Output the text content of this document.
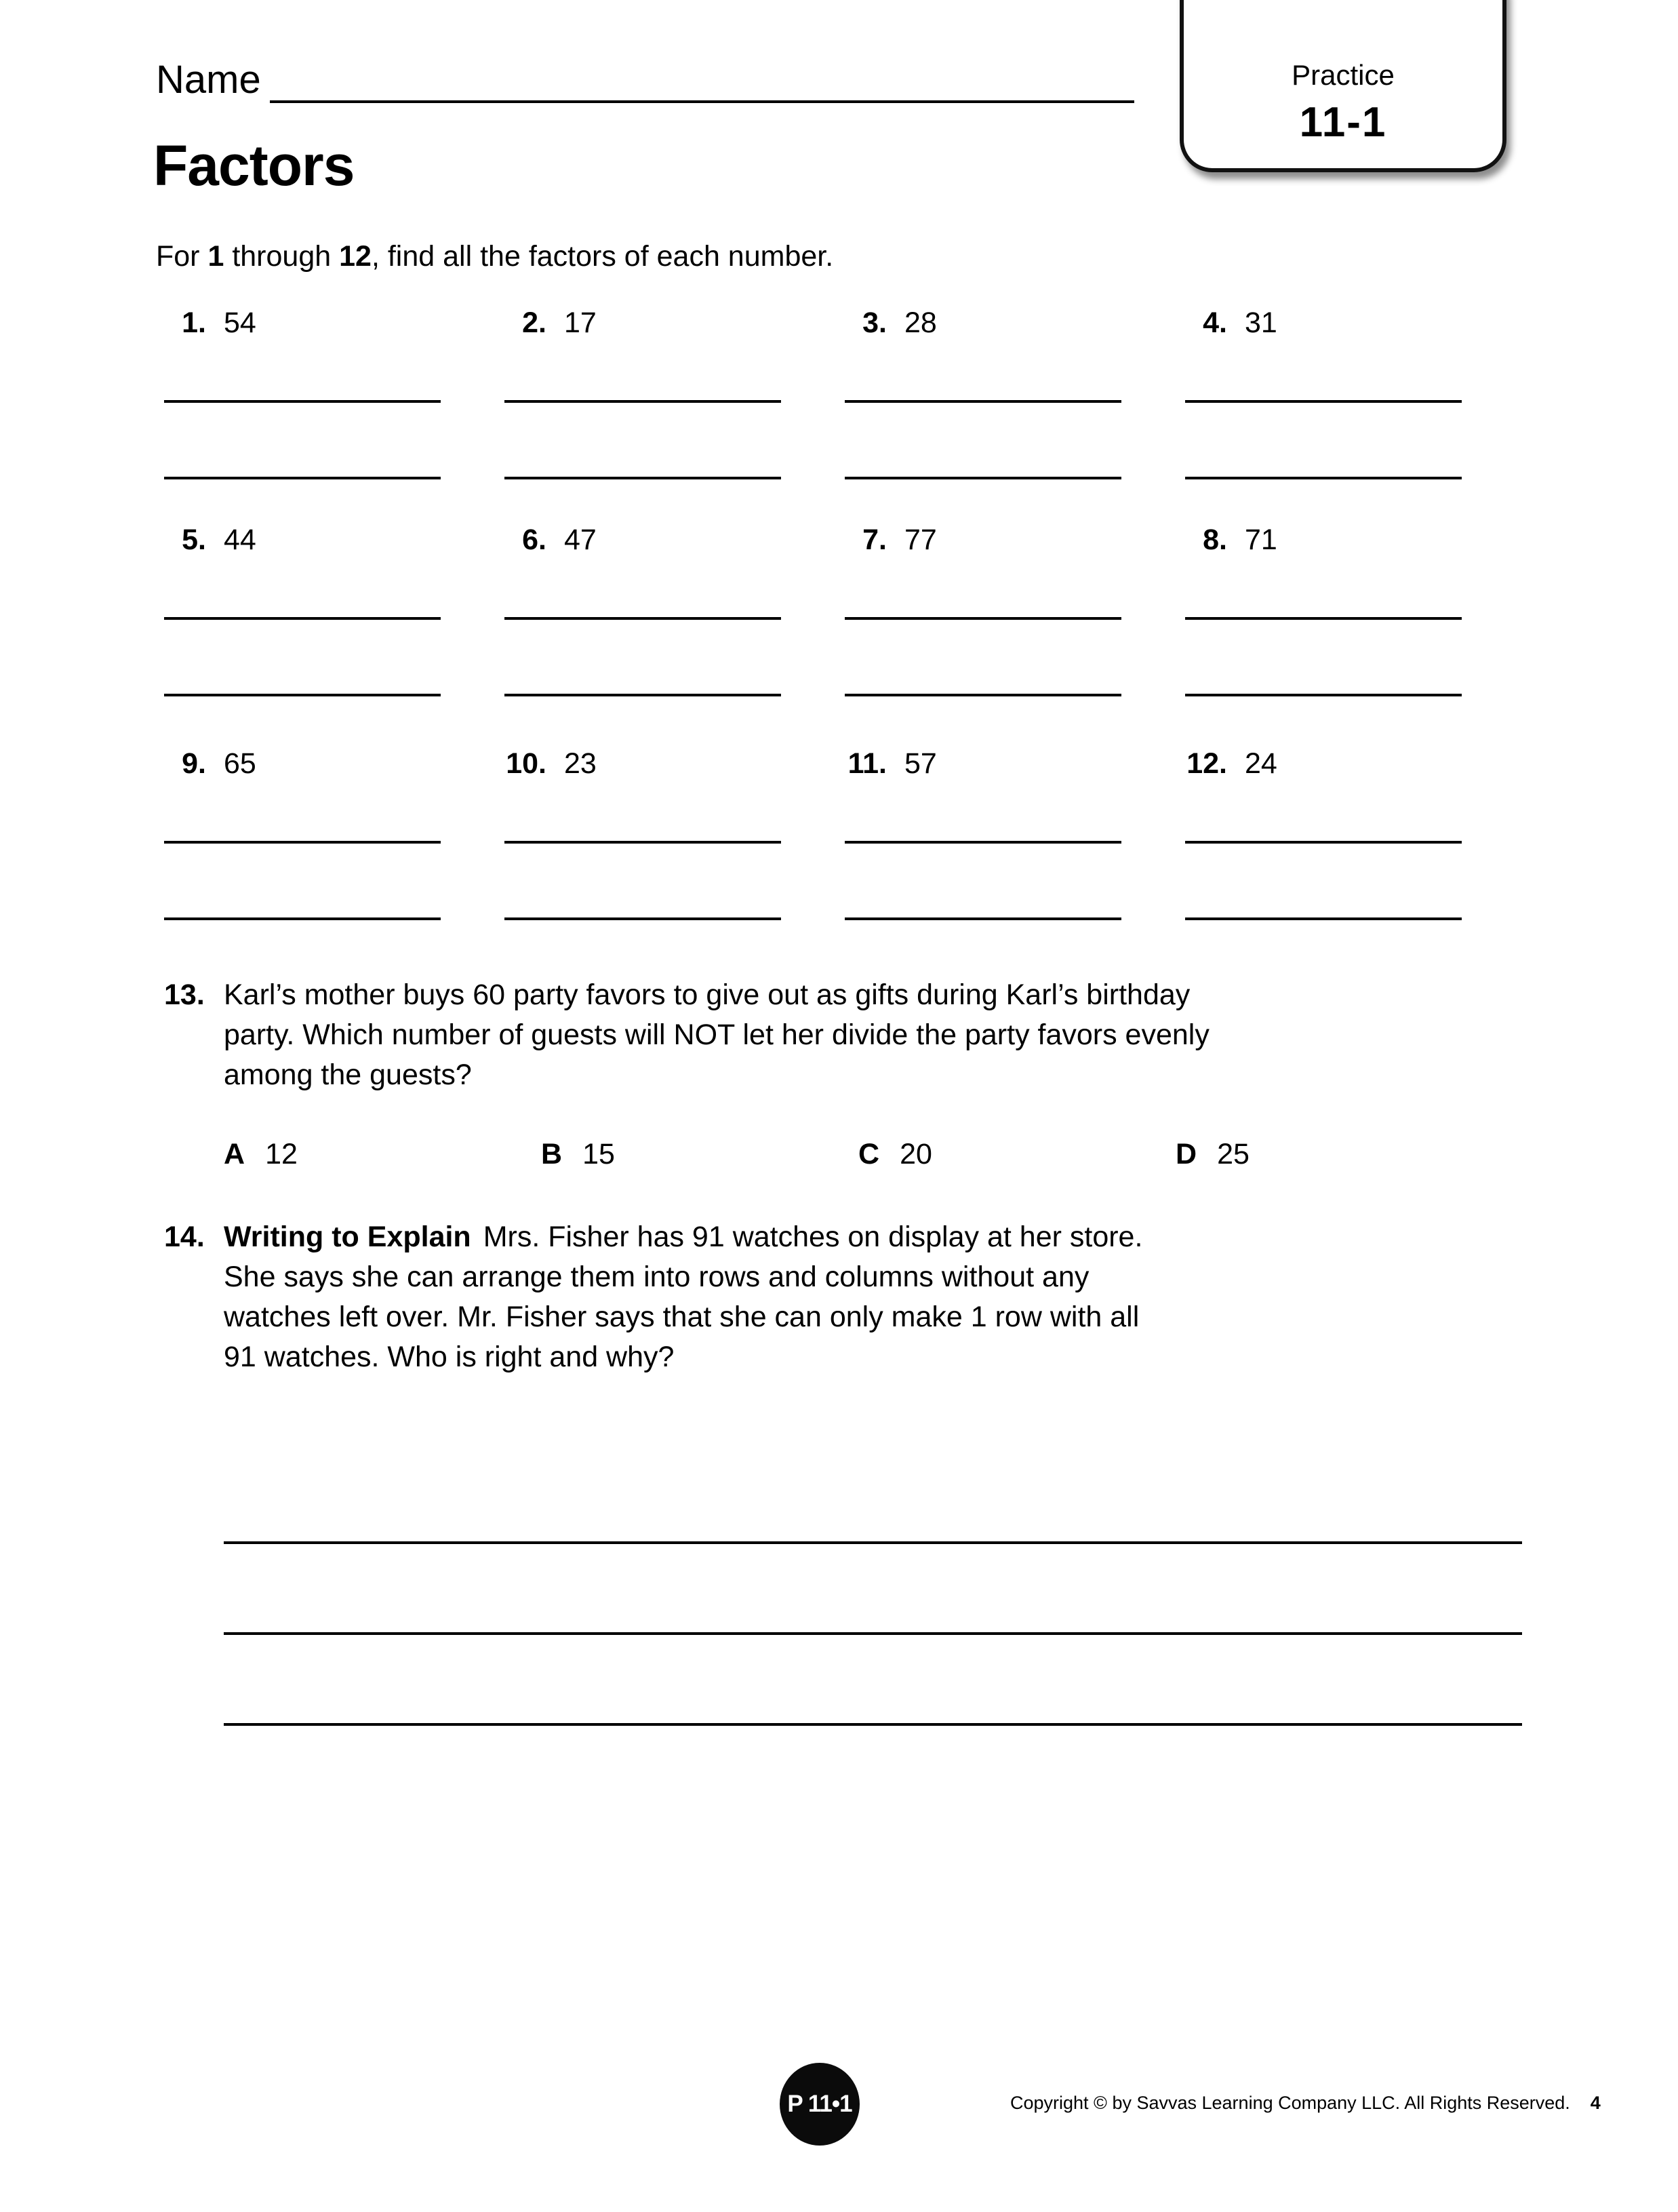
Name	Practice
11-1
Factors
For 1 through 12, find all the factors of each number.
1. 54	2. 17	3. 28	4. 31
5. 44	6. 47	7. 77	8. 71
9. 65	10. 23	11. 57	12. 24
13. Karl’s mother buys 60 party favors to give out as gifts during Karl’s birthday party. Which number of guests will NOT let her divide the party favors evenly among the guests?
A 12	B 15	C 20	D 25
14. Writing to Explain Mrs. Fisher has 91 watches on display at her store. She says she can arrange them into rows and columns without any watches left over. Mr. Fisher says that she can only make 1 row with all 91 watches. Who is right and why?
P 11•1	Copyright © by Savvas Learning Company LLC. All Rights Reserved. 4
